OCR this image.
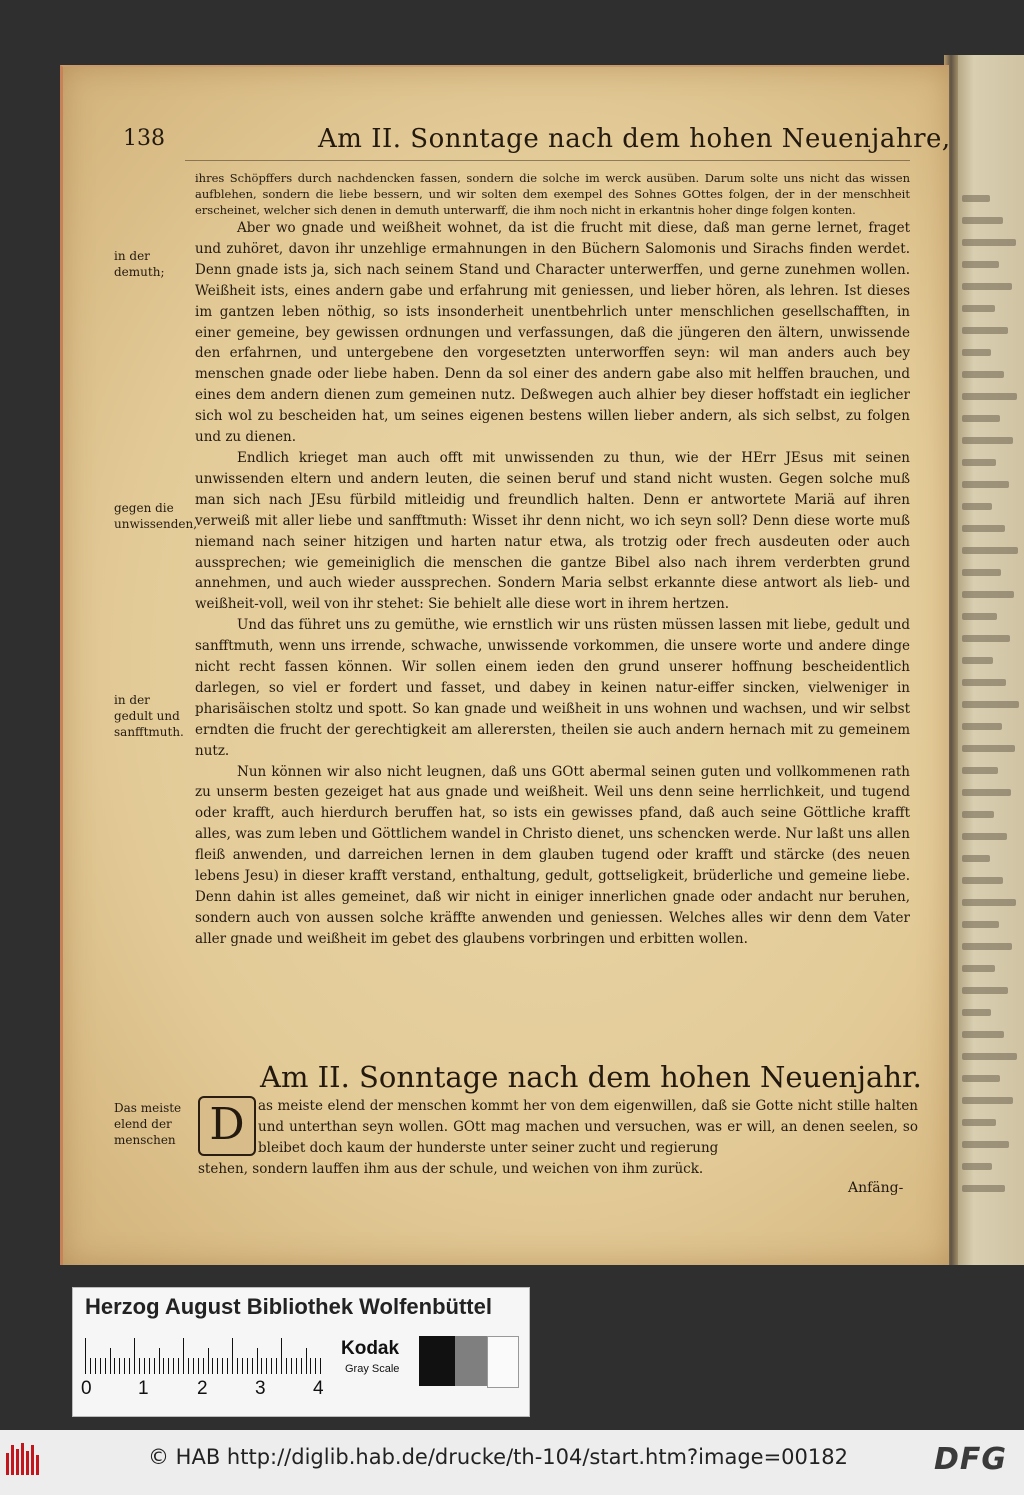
138	Am II. Sonntage nach dem hohen Neuenjahre,

ihres Schöpffers durch nachdencken fassen, sondern die solche im werck ausüben. Darum solte uns nicht das wissen aufblehen, sondern die liebe bessern, und wir solten dem exempel des Sohnes GOttes folgen, der in der menschheit erscheinet, welcher sich denen in demuth unterwarff, die ihm noch nicht in erkantnis hoher dinge folgen konten.

Aber wo gnade und weißheit wohnet, da ist die frucht mit diese, daß man gerne lernet, fraget und zuhöret, davon ihr unzehlige ermahnungen in den Büchern Salomonis und Sirachs finden werdet. Denn gnade ists ja, sich nach seinem Stand und Character unterwerffen, und gerne zunehmen wollen. Weißheit ists, eines andern gabe und erfahrung mit geniessen, und lieber hören, als lehren. Ist dieses im gantzen leben nöthig, so ists insonderheit unentbehrlich unter menschlichen gesellschafften, in einer gemeine, bey gewissen ordnungen und verfassungen, daß die jüngeren den ältern, unwissende den erfahrnen, und untergebene den vorgesetzten unterworffen seyn: wil man anders auch bey menschen gnade oder liebe haben. Denn da sol einer des andern gabe also mit helffen brauchen, und eines dem andern dienen zum gemeinen nutz. Deßwegen auch alhier bey dieser hoffstadt ein ieglicher sich wol zu bescheiden hat, um seines eigenen bestens willen lieber andern, als sich selbst, zu folgen und zu dienen.

Endlich krieget man auch offt mit unwissenden zu thun, wie der HErr JEsus mit seinen unwissenden eltern und andern leuten, die seinen beruf und stand nicht wusten. Gegen solche muß man sich nach JEsu fürbild mitleidig und freundlich halten. Denn er antwortete Mariä auf ihren verweiß mit aller liebe und sanfftmuth: Wisset ihr denn nicht, wo ich seyn soll? Denn diese worte muß niemand nach seiner hitzigen und harten natur etwa, als trotzig oder frech ausdeuten oder auch aussprechen; wie gemeiniglich die menschen die gantze Bibel also nach ihrem verderbten grund annehmen, und auch wieder aussprechen. Sondern Maria selbst erkannte diese antwort als lieb- und weißheit-voll, weil von ihr stehet: Sie behielt alle diese wort in ihrem hertzen.

Und das führet uns zu gemüthe, wie ernstlich wir uns rüsten müssen lassen mit liebe, gedult und sanfftmuth, wenn uns irrende, schwache, unwissende vorkommen, die unsere worte und andere dinge nicht recht fassen können. Wir sollen einem ieden den grund unserer hoffnung bescheidentlich darlegen, so viel er fordert und fasset, und dabey in keinen natur-eiffer sincken, vielweniger in pharisäischen stoltz und spott. So kan gnade und weißheit in uns wohnen und wachsen, und wir selbst erndten die frucht der gerechtigkeit am allerersten, theilen sie auch andern hernach mit zu gemeinem nutz.

Nun können wir also nicht leugnen, daß uns GOtt abermal seinen guten und vollkommenen rath zu unserm besten gezeiget hat aus gnade und weißheit. Weil uns denn seine herrlichkeit, und tugend oder krafft, auch hierdurch beruffen hat, so ists ein gewisses pfand, daß auch seine Göttliche krafft alles, was zum leben und Göttlichem wandel in Christo dienet, uns schencken werde. Nur laßt uns allen fleiß anwenden, und darreichen lernen in dem glauben tugend oder krafft und stärcke (des neuen lebens Jesu) in dieser krafft verstand, enthaltung, gedult, gottseligkeit, brüderliche und gemeine liebe. Denn dahin ist alles gemeinet, daß wir nicht in einiger innerlichen gnade oder andacht nur beruhen, sondern auch von aussen solche kräffte anwenden und geniessen. Welches alles wir denn dem Vater aller gnade und weißheit im gebet des glaubens vorbringen und erbitten wollen.

in der demuth;
gegen die unwissenden,
in der gedult und sanfftmuth.
Das meiste elend der menschen
Am II. Sonntage nach dem hohen Neuenjahr.
D as meiste elend der menschen kommt her von dem eigenwillen, daß sie Gotte nicht stille halten und unterthan seyn wollen. GOtt mag machen und versuchen, was er will, an denen seelen, so bleibet doch kaum der hunderste unter seiner zucht und regierung
stehen, sondern lauffen ihm aus der schule, und weichen von ihm zurück.
Anfäng-
Herzog August Bibliothek Wolfenbüttel
0 1	2 3 4
Kodak
Gray Scale
© HAB http://diglib.hab.de/drucke/th-104/start.htm?image=00182	DFG
